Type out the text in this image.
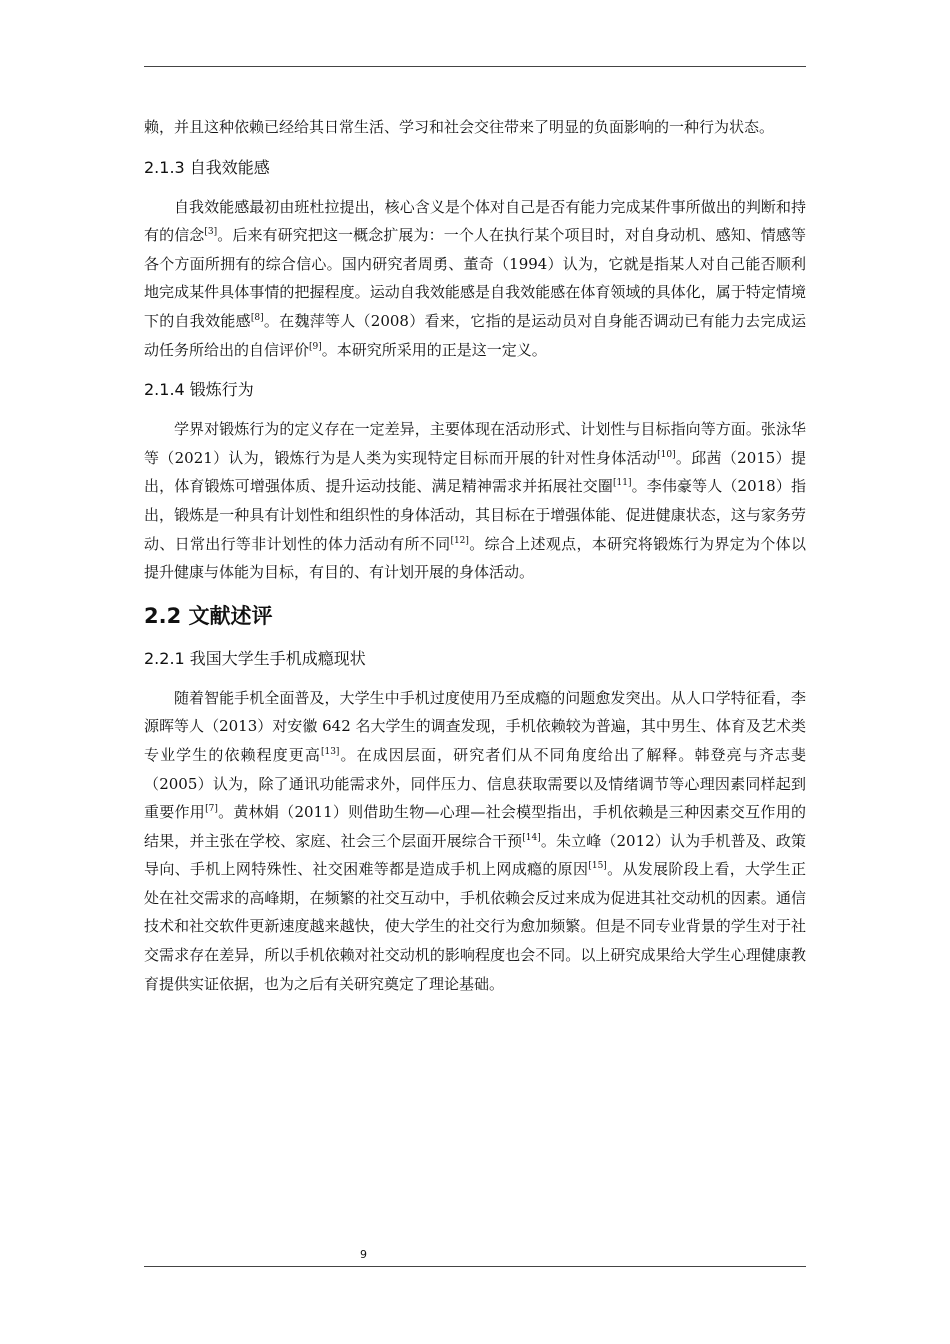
赖，并且这种依赖已经给其日常生活、学习和社会交往带来了明显的负面影响的一种行为状态。

2.1.3 自我效能感

自我效能感最初由班杜拉提出，核心含义是个体对自己是否有能力完成某件事所做出的判断和持有的信念[3]。后来有研究把这一概念扩展为：一个人在执行某个项目时，对自身动机、感知、情感等各个方面所拥有的综合信心。国内研究者周勇、董奇（1994）认为，它就是指某人对自己能否顺利地完成某件具体事情的把握程度。运动自我效能感是自我效能感在体育领域的具体化，属于特定情境下的自我效能感[8]。在魏萍等人（2008）看来，它指的是运动员对自身能否调动已有能力去完成运动任务所给出的自信评价[9]。本研究所采用的正是这一定义。

2.1.4 锻炼行为

学界对锻炼行为的定义存在一定差异，主要体现在活动形式、计划性与目标指向等方面。张泳华等（2021）认为，锻炼行为是人类为实现特定目标而开展的针对性身体活动[10]。邱茜（2015）提出，体育锻炼可增强体质、提升运动技能、满足精神需求并拓展社交圈[11]。李伟豪等人（2018）指出，锻炼是一种具有计划性和组织性的身体活动，其目标在于增强体能、促进健康状态，这与家务劳动、日常出行等非计划性的体力活动有所不同[12]。综合上述观点，本研究将锻炼行为界定为个体以提升健康与体能为目标，有目的、有计划开展的身体活动。

2.2 文献述评
2.2.1 我国大学生手机成瘾现状

随着智能手机全面普及，大学生中手机过度使用乃至成瘾的问题愈发突出。从人口学特征看，李源晖等人（2013）对安徽 642 名大学生的调查发现，手机依赖较为普遍，其中男生、体育及艺术类专业学生的依赖程度更高[13]。在成因层面，研究者们从不同角度给出了解释。韩登亮与齐志斐（2005）认为，除了通讯功能需求外，同伴压力、信息获取需要以及情绪调节等心理因素同样起到重要作用[7]。黄林娟（2011）则借助生物—心理—社会模型指出，手机依赖是三种因素交互作用的结果，并主张在学校、家庭、社会三个层面开展综合干预[14]。朱立峰（2012）认为手机普及、政策导向、手机上网特殊性、社交困难等都是造成手机上网成瘾的原因[15]。从发展阶段上看，大学生正处在社交需求的高峰期，在频繁的社交互动中，手机依赖会反过来成为促进其社交动机的因素。通信技术和社交软件更新速度越来越快，使大学生的社交行为愈加频繁。但是不同专业背景的学生对于社交需求存在差异，所以手机依赖对社交动机的影响程度也会不同。以上研究成果给大学生心理健康教育提供实证依据，也为之后有关研究奠定了理论基础。

9
